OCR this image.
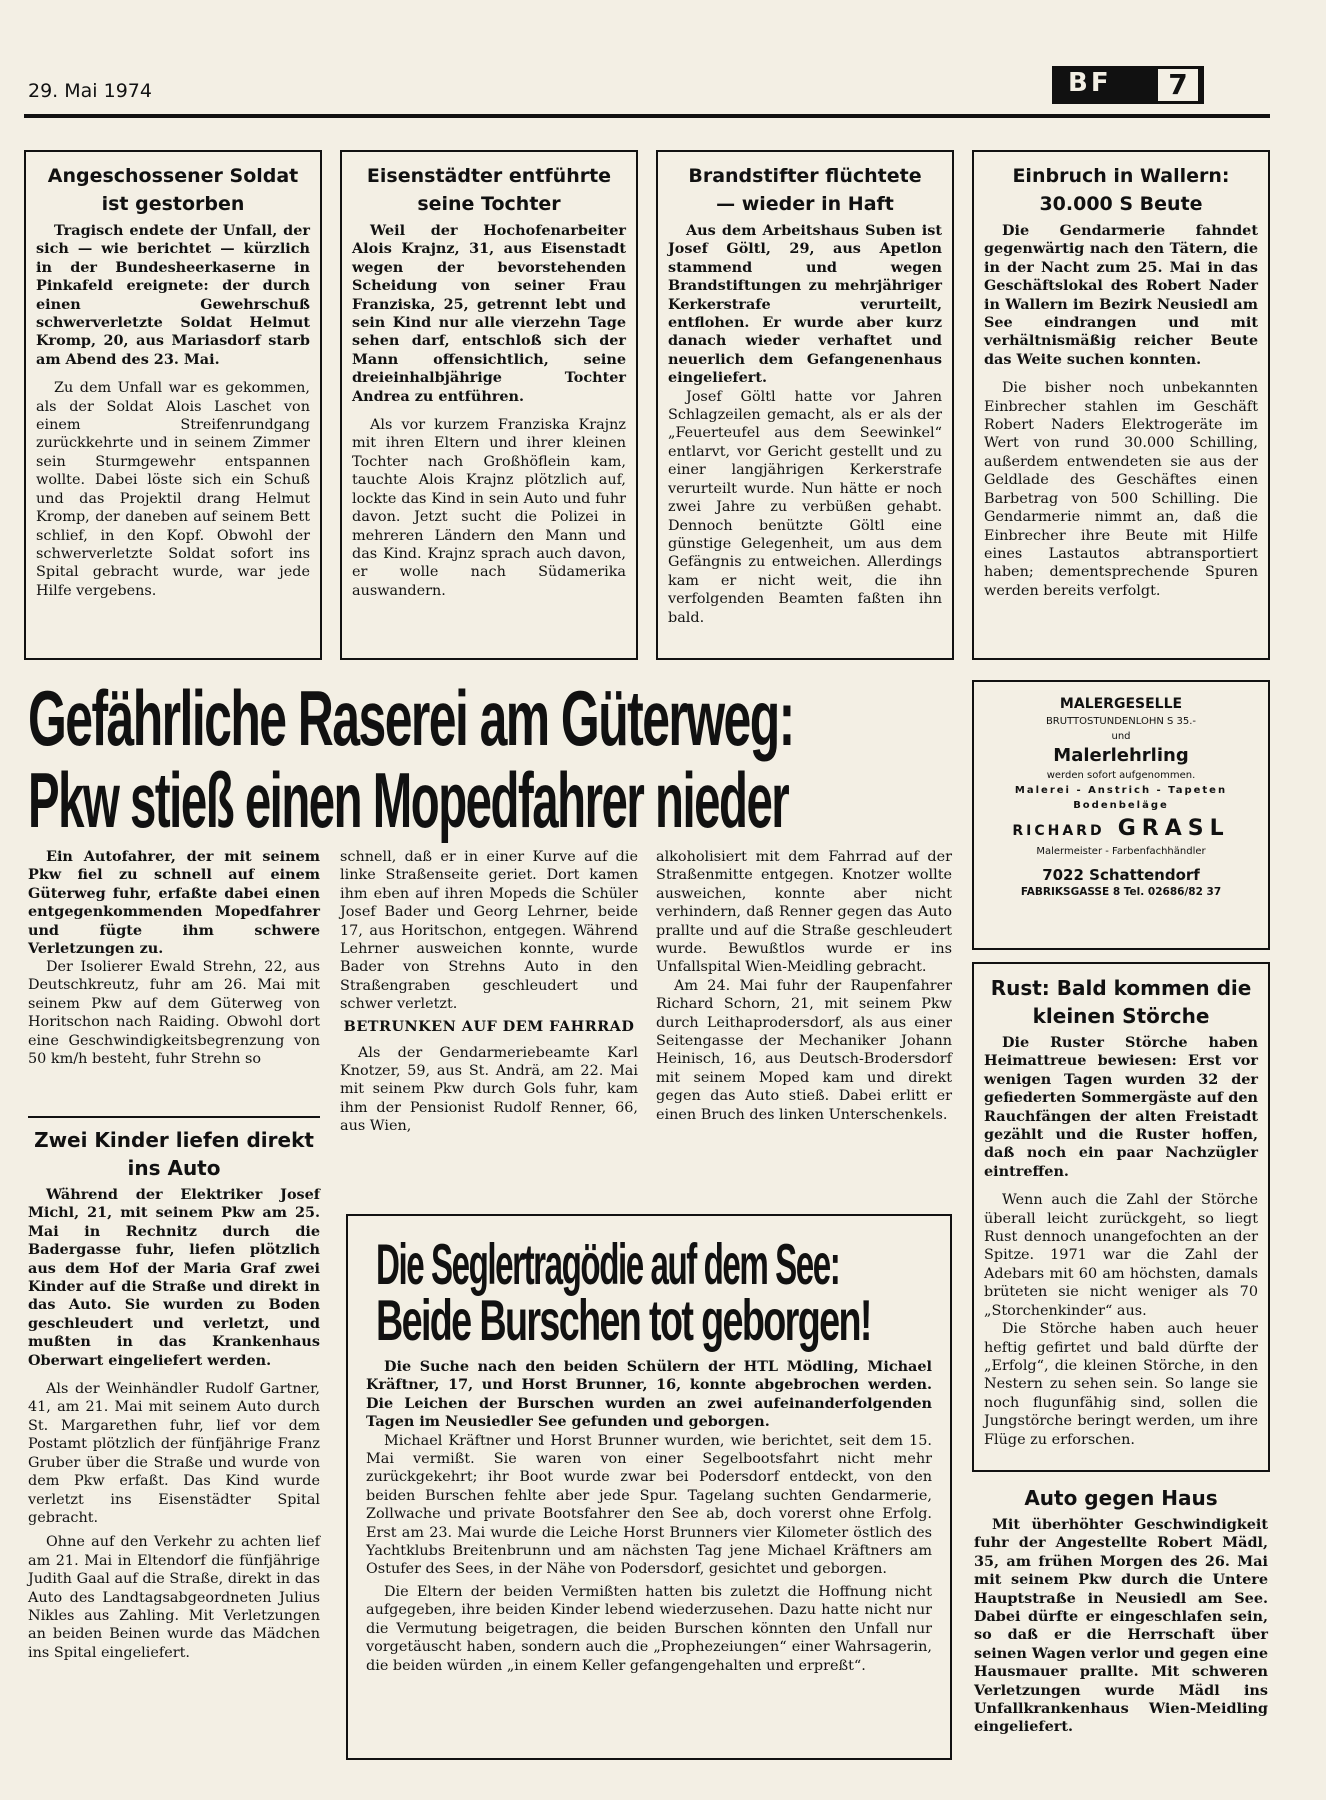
29. Mai 1974	BF	7
Angeschossener Soldat
ist gestorben

Tragisch endete der Unfall, der sich — wie berichtet — kürzlich in der Bundesheerkaserne in Pinkafeld ereignete: der durch einen Gewehrschuß schwerverletzte Soldat Helmut Kromp, 20, aus Mariasdorf starb am Abend des 23. Mai.

Zu dem Unfall war es gekommen, als der Soldat Alois Laschet von einem Streifenrundgang zurückkehrte und in seinem Zimmer sein Sturmgewehr entspannen wollte. Dabei löste sich ein Schuß und das Projektil drang Helmut Kromp, der daneben auf seinem Bett schlief, in den Kopf. Obwohl der schwerverletzte Soldat sofort ins Spital gebracht wurde, war jede Hilfe vergebens.

Eisenstädter entführte
seine Tochter

Weil der Hochofenarbeiter Alois Krajnz, 31, aus Eisenstadt wegen der bevorstehenden Scheidung von seiner Frau Franziska, 25, getrennt lebt und sein Kind nur alle vierzehn Tage sehen darf, entschloß sich der Mann offensichtlich, seine dreieinhalbjährige Tochter Andrea zu entführen.

Als vor kurzem Franziska Krajnz mit ihren Eltern und ihrer kleinen Tochter nach Großhöflein kam, tauchte Alois Krajnz plötzlich auf, lockte das Kind in sein Auto und fuhr davon. Jetzt sucht die Polizei in mehreren Ländern den Mann und das Kind. Krajnz sprach auch davon, er wolle nach Südamerika auswandern.

Brandstifter flüchtete
— wieder in Haft

Aus dem Arbeitshaus Suben ist Josef Göltl, 29, aus Apetlon stammend und wegen Brandstiftungen zu mehrjähriger Kerkerstrafe verurteilt, entflohen. Er wurde aber kurz danach wieder verhaftet und neuerlich dem Gefangenenhaus eingeliefert.

Josef Göltl hatte vor Jahren Schlagzeilen gemacht, als er als der „Feuerteufel aus dem Seewinkel“ entlarvt, vor Gericht gestellt und zu einer langjährigen Kerkerstrafe verurteilt wurde. Nun hätte er noch zwei Jahre zu verbüßen gehabt. Dennoch benützte Göltl eine günstige Gelegenheit, um aus dem Gefängnis zu entweichen. Allerdings kam er nicht weit, die ihn verfolgenden Beamten faßten ihn bald.

Einbruch in Wallern:
30.000 S Beute

Die Gendarmerie fahndet gegenwärtig nach den Tätern, die in der Nacht zum 25. Mai in das Geschäftslokal des Robert Nader in Wallern im Bezirk Neusiedl am See eindrangen und mit verhältnismäßig reicher Beute das Weite suchen konnten.

Die bisher noch unbekannten Einbrecher stahlen im Geschäft Robert Naders Elektrogeräte im Wert von rund 30.000 Schilling, außerdem entwendeten sie aus der Geldlade des Geschäftes einen Barbetrag von 500 Schilling. Die Gendarmerie nimmt an, daß die Einbrecher ihre Beute mit Hilfe eines Lastautos abtransportiert haben; dementsprechende Spuren werden bereits verfolgt.

Gefährliche Raserei am Güterweg:
Pkw stieß einen Mopedfahrer nieder

Ein Autofahrer, der mit seinem Pkw fiel zu schnell auf einem Güterweg fuhr, erfaßte dabei einen entgegenkommenden Mopedfahrer und fügte ihm schwere Verletzungen zu.

Der Isolierer Ewald Strehn, 22, aus Deutschkreutz, fuhr am 26. Mai mit seinem Pkw auf dem Güterweg von Horitschon nach Raiding. Obwohl dort eine Geschwindigkeitsbegrenzung von 50 km/h besteht, fuhr Strehn so

schnell, daß er in einer Kurve auf die linke Straßenseite geriet. Dort kamen ihm eben auf ihren Mopeds die Schüler Josef Bader und Georg Lehrner, beide 17, aus Horitschon, entgegen. Während Lehrner ausweichen konnte, wurde Bader von Strehns Auto in den Straßengraben geschleudert und schwer verletzt.

BETRUNKEN AUF DEM FAHRRAD

Als der Gendarmeriebeamte Karl Knotzer, 59, aus St. Andrä, am 22. Mai mit seinem Pkw durch Gols fuhr, kam ihm der Pensionist Rudolf Renner, 66, aus Wien,

alkoholisiert mit dem Fahrrad auf der Straßenmitte entgegen. Knotzer wollte ausweichen, konnte aber nicht verhindern, daß Renner gegen das Auto prallte und auf die Straße geschleudert wurde. Bewußtlos wurde er ins Unfallspital Wien-Meidling gebracht.

Am 24. Mai fuhr der Raupenfahrer Richard Schorn, 21, mit seinem Pkw durch Leithaprodersdorf, als aus einer Seitengasse der Mechaniker Johann Heinisch, 16, aus Deutsch-Brodersdorf mit seinem Moped kam und direkt gegen das Auto stieß. Dabei erlitt er einen Bruch des linken Unterschenkels.

MALERGESELLE
BRUTTOSTUNDENLOHN S 35.-
und
Malerlehrling
werden sofort aufgenommen.
Malerei - Anstrich - Tapeten
Bodenbeläge
RICHARD GRASL
Malermeister - Farbenfachhändler
7022 Schattendorf
FABRIKSGASSE 8 Tel. 02686/82 37
Zwei Kinder liefen direkt
ins Auto

Während der Elektriker Josef Michl, 21, mit seinem Pkw am 25. Mai in Rechnitz durch die Badergasse fuhr, liefen plötzlich aus dem Hof der Maria Graf zwei Kinder auf die Straße und direkt in das Auto. Sie wurden zu Boden geschleudert und verletzt, und mußten in das Krankenhaus Oberwart eingeliefert werden.

Als der Weinhändler Rudolf Gartner, 41, am 21. Mai mit seinem Auto durch St. Margarethen fuhr, lief vor dem Postamt plötzlich der fünfjährige Franz Gruber über die Straße und wurde von dem Pkw erfaßt. Das Kind wurde verletzt ins Eisenstädter Spital gebracht.

Ohne auf den Verkehr zu achten lief am 21. Mai in Eltendorf die fünfjährige Judith Gaal auf die Straße, direkt in das Auto des Landtagsabgeordneten Julius Nikles aus Zahling. Mit Verletzungen an beiden Beinen wurde das Mädchen ins Spital eingeliefert.

Die Seglertragödie auf dem See:
Beide Burschen tot geborgen!

Die Suche nach den beiden Schülern der HTL Mödling, Michael Kräftner, 17, und Horst Brunner, 16, konnte abgebrochen werden. Die Leichen der Burschen wurden an zwei aufeinanderfolgenden Tagen im Neusiedler See gefunden und geborgen.

Michael Kräftner und Horst Brunner wurden, wie berichtet, seit dem 15. Mai vermißt. Sie waren von einer Segelbootsfahrt nicht mehr zurückgekehrt; ihr Boot wurde zwar bei Podersdorf entdeckt, von den beiden Burschen fehlte aber jede Spur. Tagelang suchten Gendarmerie, Zollwache und private Bootsfahrer den See ab, doch vorerst ohne Erfolg. Erst am 23. Mai wurde die Leiche Horst Brunners vier Kilometer östlich des Yachtklubs Breitenbrunn und am nächsten Tag jene Michael Kräftners am Ostufer des Sees, in der Nähe von Podersdorf, gesichtet und geborgen.

Die Eltern der beiden Vermißten hatten bis zuletzt die Hoffnung nicht aufgegeben, ihre beiden Kinder lebend wiederzusehen. Dazu hatte nicht nur die Vermutung beigetragen, die beiden Burschen könnten den Unfall nur vorgetäuscht haben, sondern auch die „Prophezeiungen“ einer Wahrsagerin, die beiden würden „in einem Keller gefangengehalten und erpreßt“.

Rust: Bald kommen die
kleinen Störche

Die Ruster Störche haben Heimattreue bewiesen: Erst vor wenigen Tagen wurden 32 der gefiederten Sommergäste auf den Rauchfängen der alten Freistadt gezählt und die Ruster hoffen, daß noch ein paar Nachzügler eintreffen.

Wenn auch die Zahl der Störche überall leicht zurückgeht, so liegt Rust dennoch unangefochten an der Spitze. 1971 war die Zahl der Adebars mit 60 am höchsten, damals brüteten sie nicht weniger als 70 „Storchenkinder“ aus.

Die Störche haben auch heuer heftig gefirtet und bald dürfte der „Erfolg“, die kleinen Störche, in den Nestern zu sehen sein. So lange sie noch flugunfähig sind, sollen die Jungstörche beringt werden, um ihre Flüge zu erforschen.

Auto gegen Haus

Mit überhöhter Geschwindigkeit fuhr der Angestellte Robert Mädl, 35, am frühen Morgen des 26. Mai mit seinem Pkw durch die Untere Hauptstraße in Neusiedl am See. Dabei dürfte er eingeschlafen sein, so daß er die Herrschaft über seinen Wagen verlor und gegen eine Hausmauer prallte. Mit schweren Verletzungen wurde Mädl ins Unfallkrankenhaus Wien-Meidling eingeliefert.
